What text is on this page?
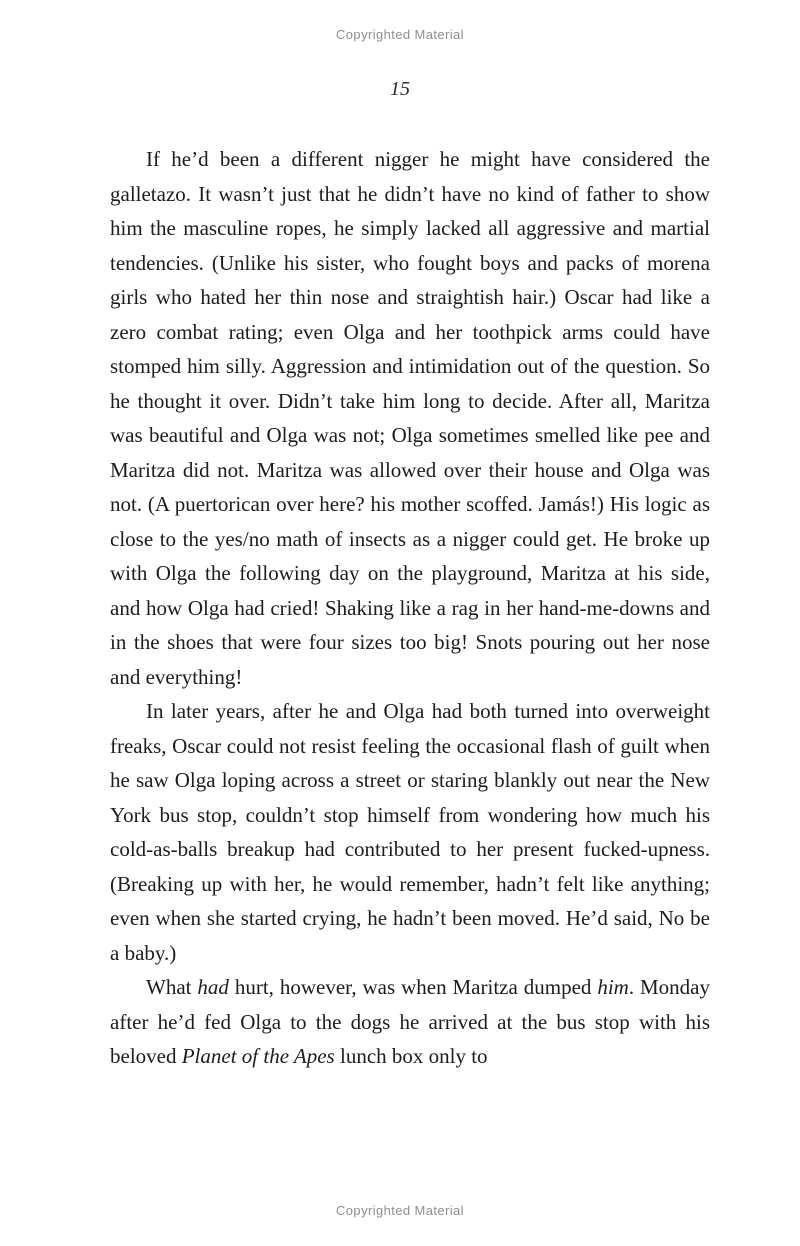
Copyrighted Material
15

If he’d been a different nigger he might have considered the galletazo. It wasn’t just that he didn’t have no kind of father to show him the masculine ropes, he simply lacked all aggressive and martial tendencies. (Unlike his sister, who fought boys and packs of morena girls who hated her thin nose and straightish hair.) Oscar had like a zero combat rating; even Olga and her toothpick arms could have stomped him silly. Aggression and intimidation out of the question. So he thought it over. Didn’t take him long to decide. After all, Maritza was beautiful and Olga was not; Olga sometimes smelled like pee and Maritza did not. Maritza was allowed over their house and Olga was not. (A puertorican over here? his mother scoffed. Jamás!) His logic as close to the yes/no math of insects as a nigger could get. He broke up with Olga the following day on the playground, Maritza at his side, and how Olga had cried! Shaking like a rag in her hand-me-downs and in the shoes that were four sizes too big! Snots pouring out her nose and everything!

In later years, after he and Olga had both turned into overweight freaks, Oscar could not resist feeling the occasional flash of guilt when he saw Olga loping across a street or staring blankly out near the New York bus stop, couldn’t stop himself from wondering how much his cold-as-balls breakup had contributed to her present fucked-upness. (Breaking up with her, he would remember, hadn’t felt like anything; even when she started crying, he hadn’t been moved. He’d said, No be a baby.)

What had hurt, however, was when Maritza dumped him. Monday after he’d fed Olga to the dogs he arrived at the bus stop with his beloved Planet of the Apes lunch box only to

Copyrighted Material
